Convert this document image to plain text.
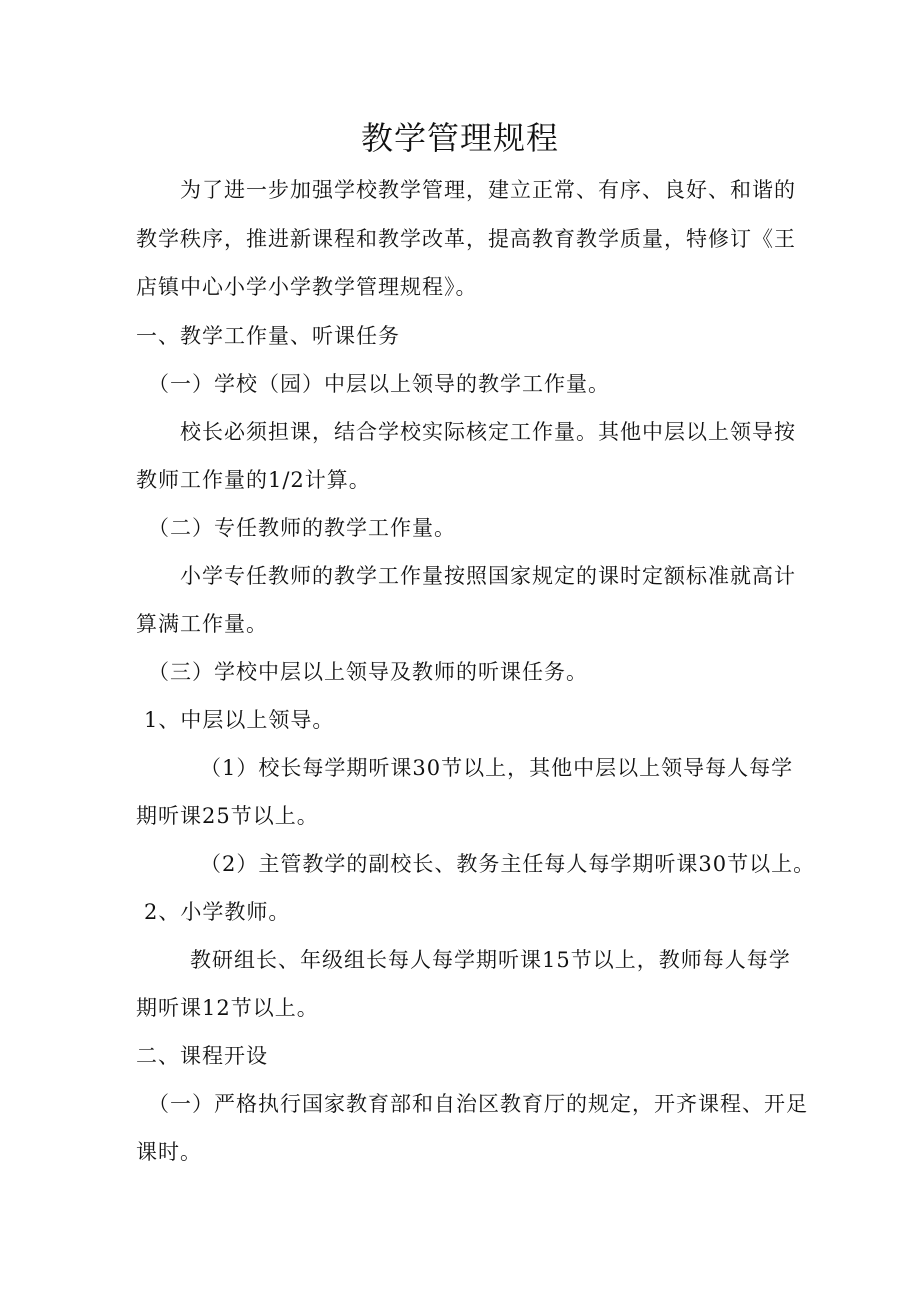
教学管理规程
为了进一步加强学校教学管理，建立正常、有序、良好、和谐的
教学秩序，推进新课程和教学改革，提高教育教学质量，特修订《王
店镇中心小学小学教学管理规程》。
一、教学工作量、听课任务
（一）学校（园）中层以上领导的教学工作量。
校长必须担课，结合学校实际核定工作量。其他中层以上领导按
教师工作量的1/2计算。
（二）专任教师的教学工作量。
小学专任教师的教学工作量按照国家规定的课时定额标准就高计
算满工作量。
（三）学校中层以上领导及教师的听课任务。
1、中层以上领导。
（1）校长每学期听课30节以上，其他中层以上领导每人每学
期听课25节以上。
（2）主管教学的副校长、教务主任每人每学期听课30节以上。
2、小学教师。
教研组长、年级组长每人每学期听课15节以上，教师每人每学
期听课12节以上。
二、课程开设
（一）严格执行国家教育部和自治区教育厅的规定，开齐课程、开足
课时。
